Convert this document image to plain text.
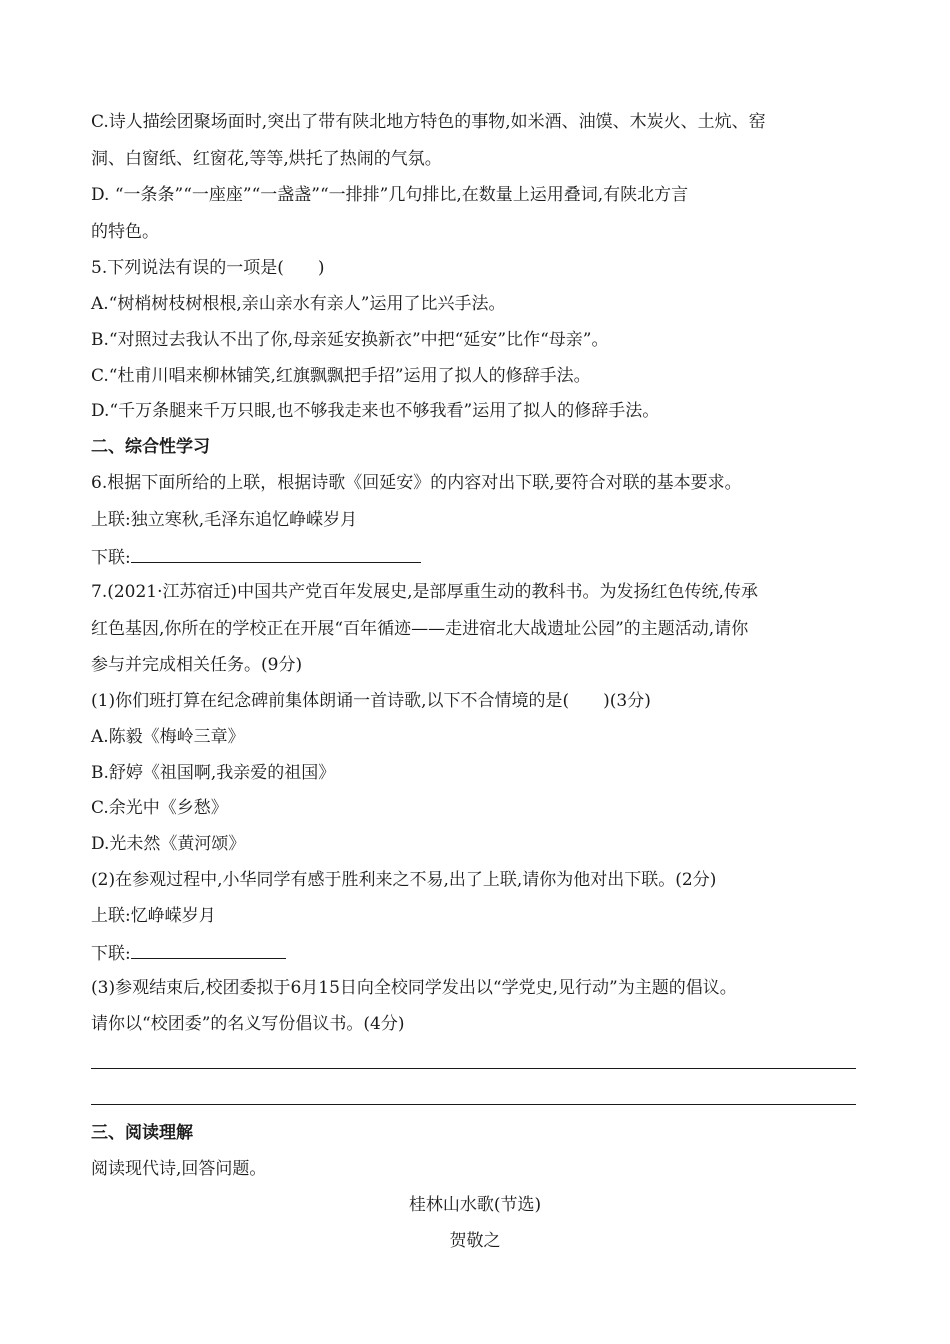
C.诗人描绘团聚场面时,突出了带有陕北地方特色的事物,如米酒、油馍、木炭火、土炕、窑
洞、白窗纸、红窗花,等等,烘托了热闹的气氛。
D. “一条条”“一座座”“一盏盏”“一排排”几句排比,在数量上运用叠词,有陕北方言
的特色。
5.下列说法有误的一项是(　　)
A.“树梢树枝树根根,亲山亲水有亲人”运用了比兴手法。
B.“对照过去我认不出了你,母亲延安换新衣”中把“延安”比作“母亲”。
C.“杜甫川唱来柳林铺笑,红旗飘飘把手招”运用了拟人的修辞手法。
D.“千万条腿来千万只眼,也不够我走来也不够我看”运用了拟人的修辞手法。
二、综合性学习
6.根据下面所给的上联，根据诗歌《回延安》的内容对出下联,要符合对联的基本要求。
上联:独立寒秋,毛泽东追忆峥嵘岁月
下联:
7.(2021·江苏宿迁)中国共产党百年发展史,是部厚重生动的教科书。为发扬红色传统,传承
红色基因,你所在的学校正在开展“百年循迹——走进宿北大战遗址公园”的主题活动,请你
参与并完成相关任务。(9分)
(1)你们班打算在纪念碑前集体朗诵一首诗歌,以下不合情境的是(　　)(3分)
A.陈毅《梅岭三章》
B.舒婷《祖国啊,我亲爱的祖国》
C.余光中《乡愁》
D.光未然《黄河颂》
(2)在参观过程中,小华同学有感于胜利来之不易,出了上联,请你为他对出下联。(2分)
上联:忆峥嵘岁月
下联:
(3)参观结束后,校团委拟于6月15日向全校同学发出以“学党史,见行动”为主题的倡议。
请你以“校团委”的名义写份倡议书。(4分)
三、阅读理解
阅读现代诗,回答问题。
桂林山水歌(节选)
贺敬之
